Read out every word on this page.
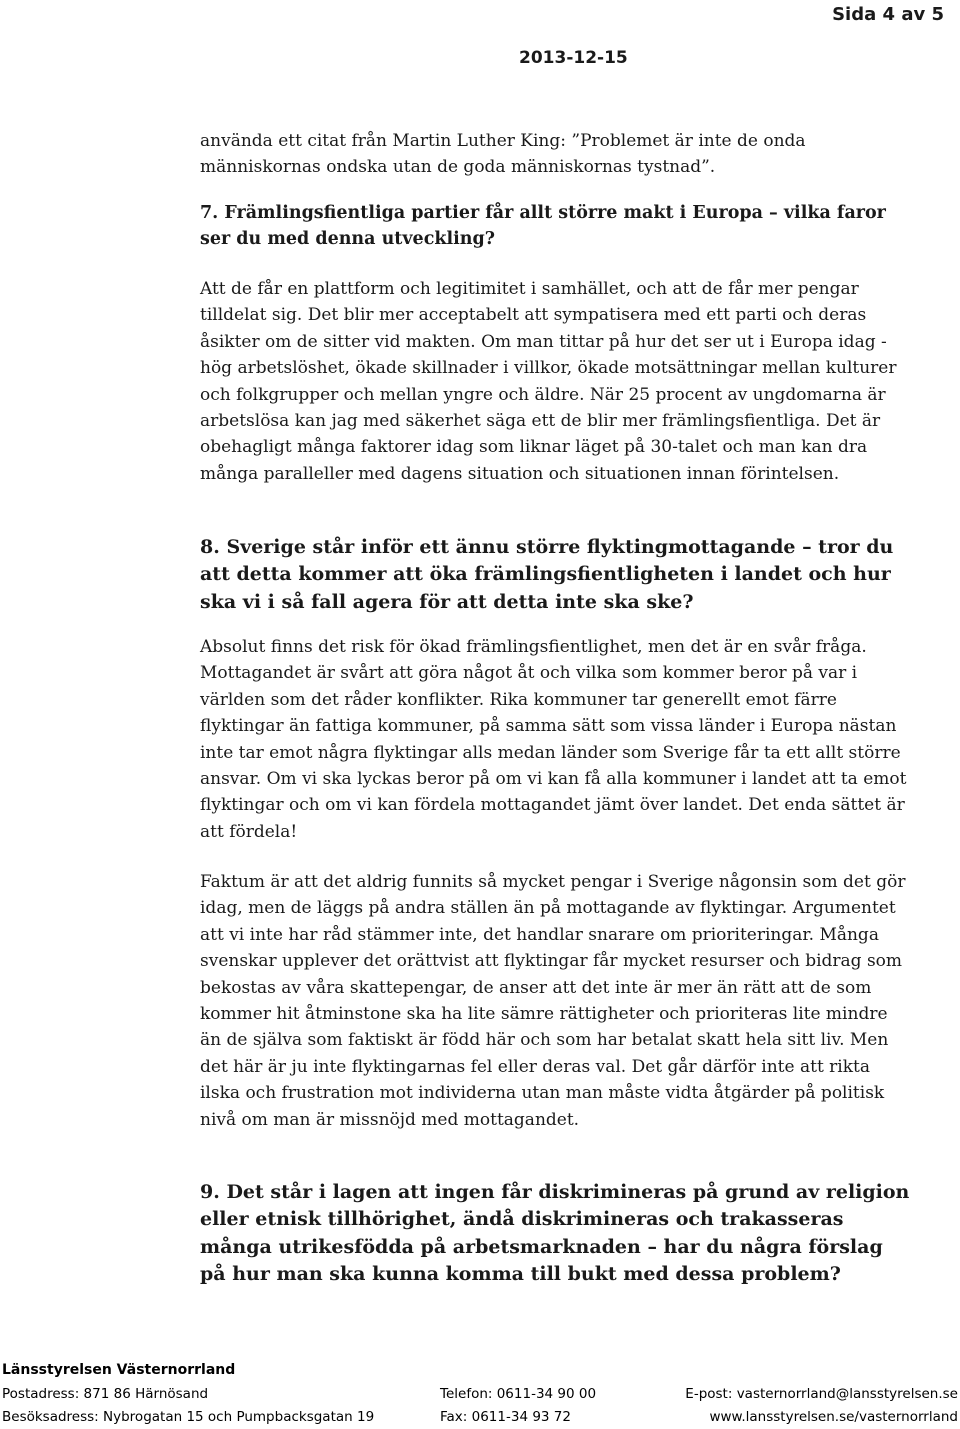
Sida 4 av 5
2013-12-15

använda ett citat från Martin Luther King: ”Problemet är inte de onda människornas ondska utan de goda människornas tystnad”.

7. Främlingsfientliga partier får allt större makt i Europa – vilka faror ser du med denna utveckling?

Att de får en plattform och legitimitet i samhället, och att de får mer pengar tilldelat sig. Det blir mer acceptabelt att sympatisera med ett parti och deras åsikter om de sitter vid makten. Om man tittar på hur det ser ut i Europa idag - hög arbetslöshet, ökade skillnader i villkor, ökade motsättningar mellan kulturer och folkgrupper och mellan yngre och äldre. När 25 procent av ungdomarna är arbetslösa kan jag med säkerhet säga ett de blir mer främlingsfientliga. Det är obehagligt många faktorer idag som liknar läget på 30-talet och man kan dra många paralleller med dagens situation och situationen innan förintelsen.

8. Sverige står inför ett ännu större flyktingmottagande – tror du att detta kommer att öka främlingsfientligheten i landet och hur ska vi i så fall agera för att detta inte ska ske?

Absolut finns det risk för ökad främlingsfientlighet, men det är en svår fråga. Mottagandet är svårt att göra något åt och vilka som kommer beror på var i världen som det råder konflikter. Rika kommuner tar generellt emot färre flyktingar än fattiga kommuner, på samma sätt som vissa länder i Europa nästan inte tar emot några flyktingar alls medan länder som Sverige får ta ett allt större ansvar. Om vi ska lyckas beror på om vi kan få alla kommuner i landet att ta emot flyktingar och om vi kan fördela mottagandet jämt över landet. Det enda sättet är att fördela!

Faktum är att det aldrig funnits så mycket pengar i Sverige någonsin som det gör idag, men de läggs på andra ställen än på mottagande av flyktingar. Argumentet att vi inte har råd stämmer inte, det handlar snarare om prioriteringar. Många svenskar upplever det orättvist att flyktingar får mycket resurser och bidrag som bekostas av våra skattepengar, de anser att det inte är mer än rätt att de som kommer hit åtminstone ska ha lite sämre rättigheter och prioriteras lite mindre än de själva som faktiskt är född här och som har betalat skatt hela sitt liv. Men det här är ju inte flyktingarnas fel eller deras val. Det går därför inte att rikta ilska och frustration mot individerna utan man måste vidta åtgärder på politisk nivå om man är missnöjd med mottagandet.

9. Det står i lagen att ingen får diskrimineras på grund av religion eller etnisk tillhörighet, ändå diskrimineras och trakasseras många utrikesfödda på arbetsmarknaden – har du några förslag på hur man ska kunna komma till bukt med dessa problem?

Länsstyrelsen Västernorrland
Postadress: 871 86 Härnösand	Telefon: 0611-34 90 00	E-post: vasternorrland@lansstyrelsen.se
Besöksadress: Nybrogatan 15 och Pumpbacksgatan 19	Fax: 0611-34 93 72	www.lansstyrelsen.se/vasternorrland
